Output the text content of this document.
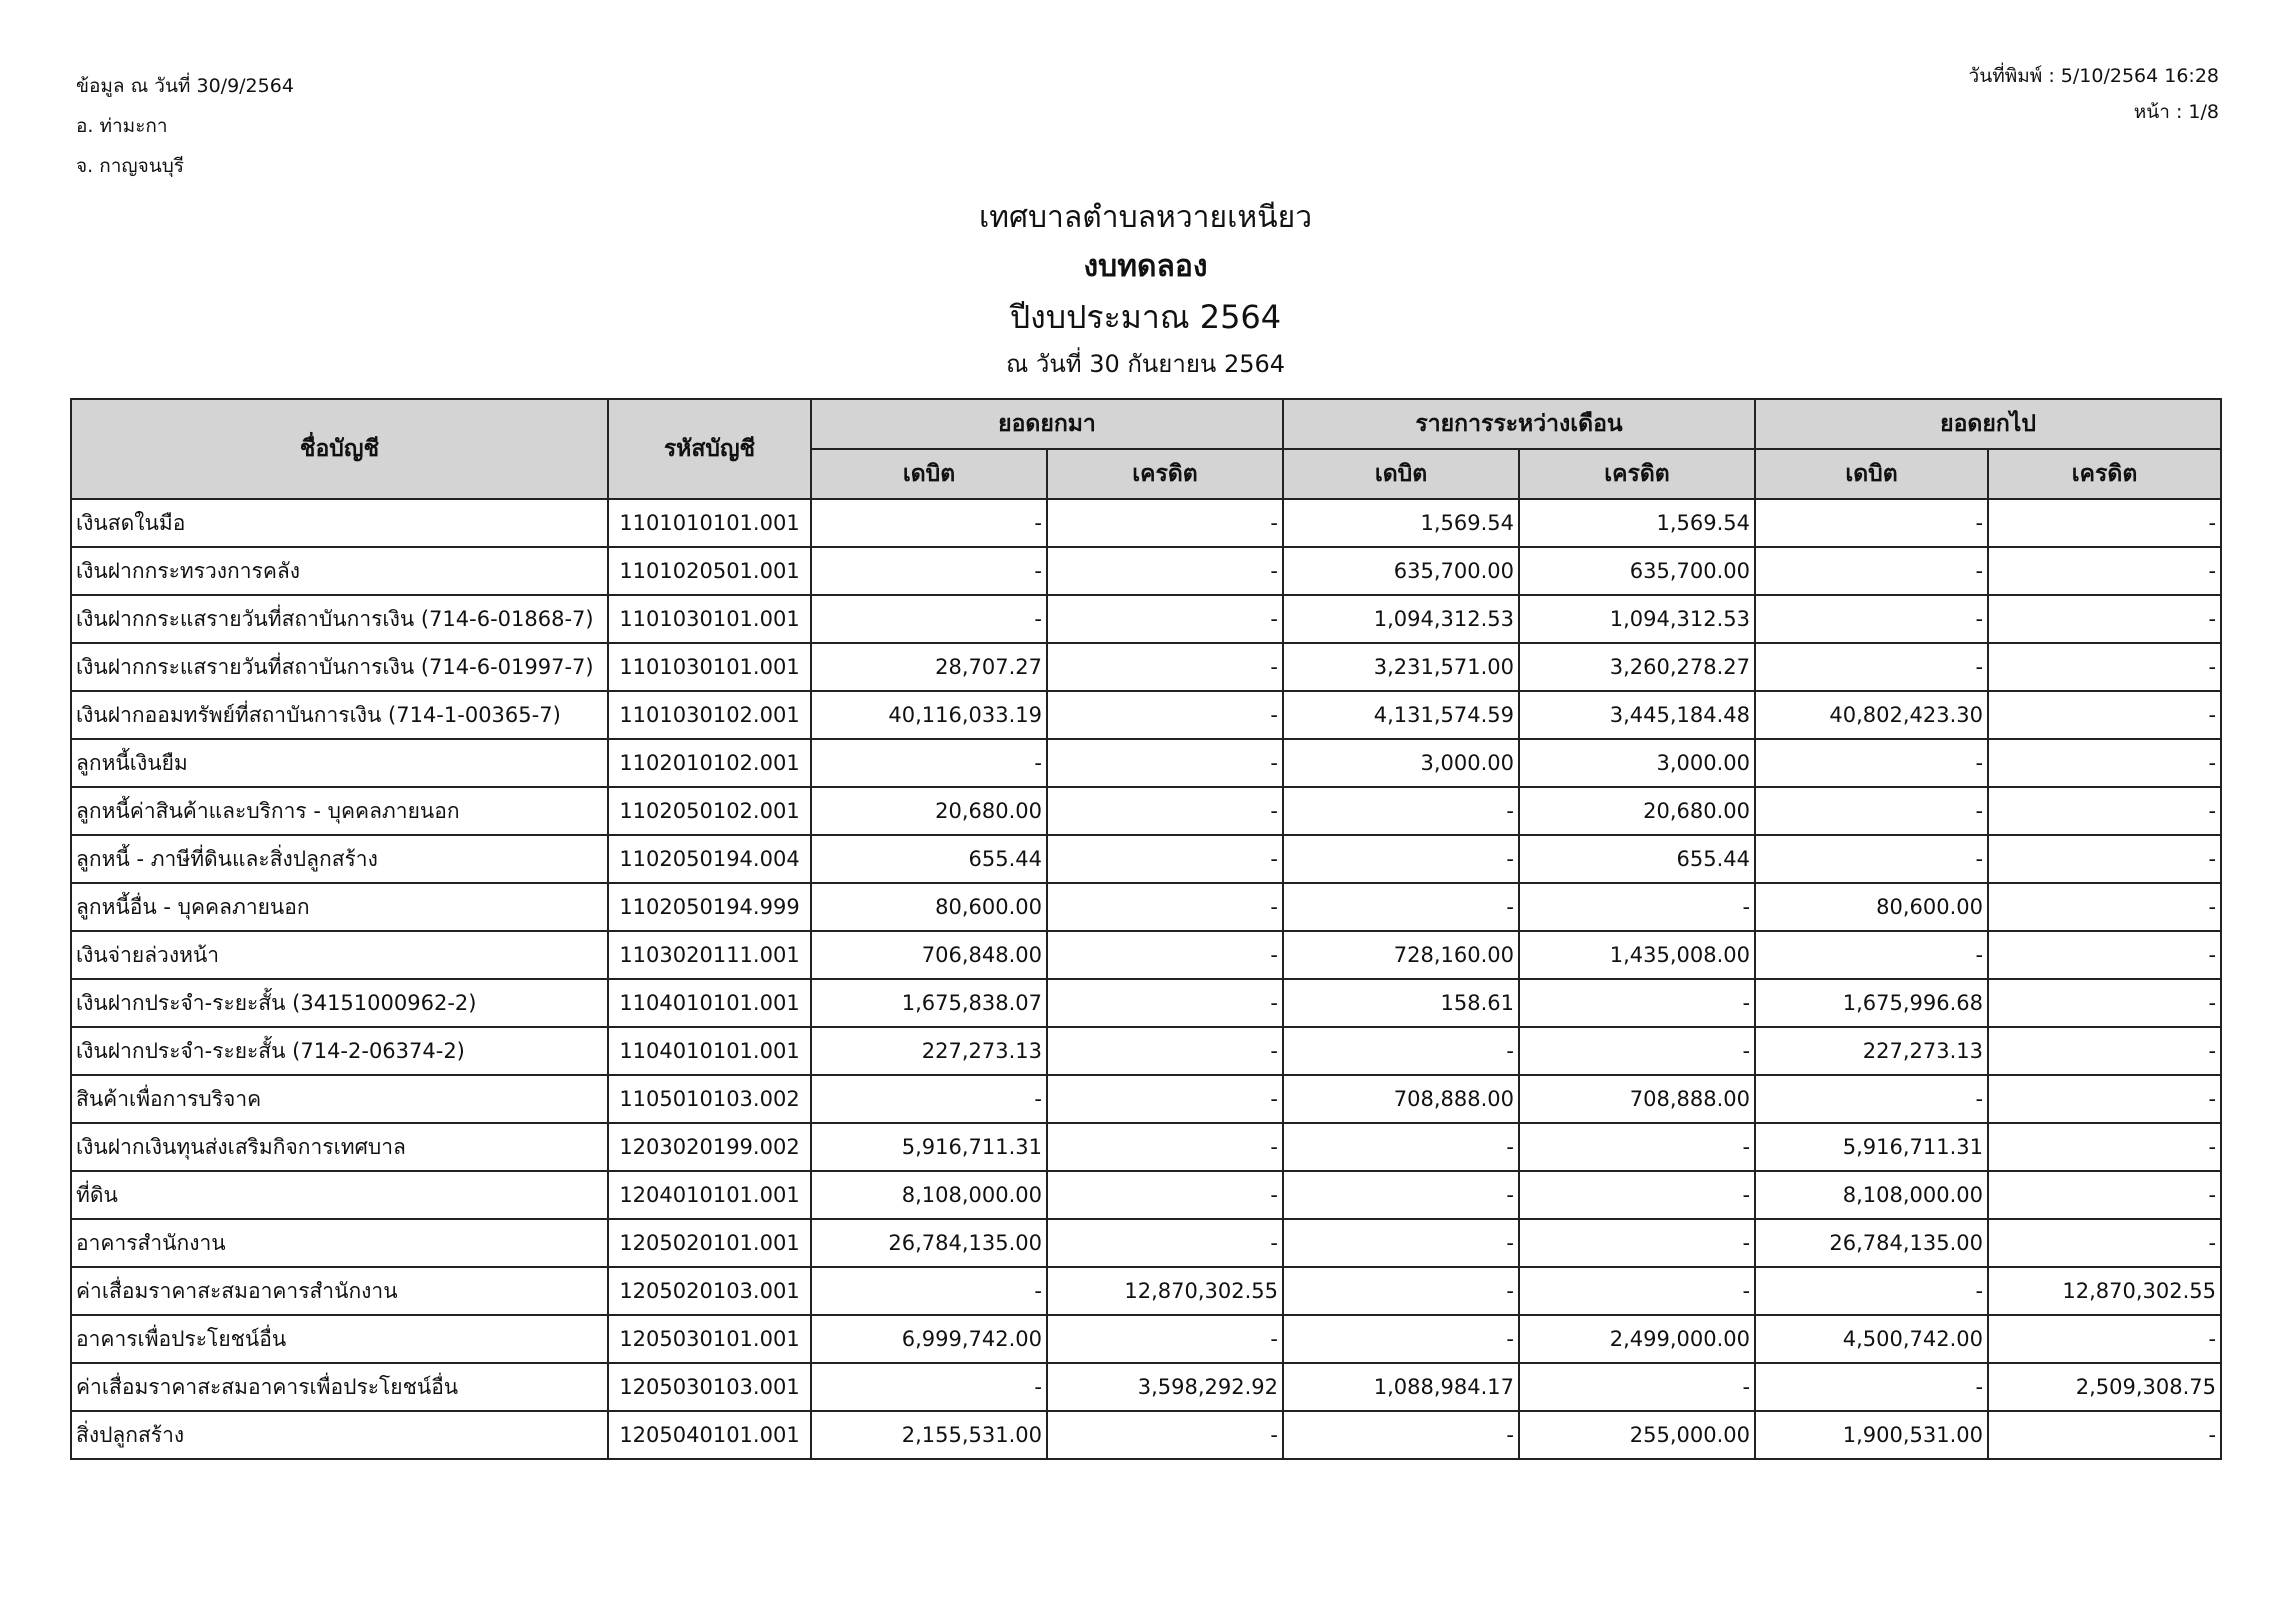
ข้อมูล ณ วันที่ 30/9/2564
อ. ท่ามะกา
จ. กาญจนบุรี
วันที่พิมพ์ : 5/10/2564 16:28
หน้า : 1/8
เทศบาลตำบลหวายเหนียว
งบทดลอง
ปีงบประมาณ 2564
ณ วันที่ 30 กันยายน 2564
ชื่อบัญชี	รหัสบัญชี	ยอดยกมา		รายการระหว่างเดือน		ยอดยกไป	
		เดบิต	เครดิต	เดบิต	เครดิต	เดบิต	เครดิต
เงินสดในมือ	1101010101.001	-	-	1,569.54	1,569.54	-	-
เงินฝากกระทรวงการคลัง	1101020501.001	-	-	635,700.00	635,700.00	-	-
เงินฝากกระแสรายวันที่สถาบันการเงิน (714-6-01868-7)	1101030101.001	-	-	1,094,312.53	1,094,312.53	-	-
เงินฝากกระแสรายวันที่สถาบันการเงิน (714-6-01997-7)	1101030101.001	28,707.27	-	3,231,571.00	3,260,278.27	-	-
เงินฝากออมทรัพย์ที่สถาบันการเงิน (714-1-00365-7)	1101030102.001	40,116,033.19	-	4,131,574.59	3,445,184.48	40,802,423.30	-
ลูกหนี้เงินยืม	1102010102.001	-	-	3,000.00	3,000.00	-	-
ลูกหนี้ค่าสินค้าและบริการ - บุคคลภายนอก	1102050102.001	20,680.00	-	-	20,680.00	-	-
ลูกหนี้ - ภาษีที่ดินและสิ่งปลูกสร้าง	1102050194.004	655.44	-	-	655.44	-	-
ลูกหนี้อื่น - บุคคลภายนอก	1102050194.999	80,600.00	-	-	-	80,600.00	-
เงินจ่ายล่วงหน้า	1103020111.001	706,848.00	-	728,160.00	1,435,008.00	-	-
เงินฝากประจำ-ระยะสั้น (34151000962-2)	1104010101.001	1,675,838.07	-	158.61	-	1,675,996.68	-
เงินฝากประจำ-ระยะสั้น (714-2-06374-2)	1104010101.001	227,273.13	-	-	-	227,273.13	-
สินค้าเพื่อการบริจาค	1105010103.002	-	-	708,888.00	708,888.00	-	-
เงินฝากเงินทุนส่งเสริมกิจการเทศบาล	1203020199.002	5,916,711.31	-	-	-	5,916,711.31	-
ที่ดิน	1204010101.001	8,108,000.00	-	-	-	8,108,000.00	-
อาคารสำนักงาน	1205020101.001	26,784,135.00	-	-	-	26,784,135.00	-
ค่าเสื่อมราคาสะสมอาคารสำนักงาน	1205020103.001	-	12,870,302.55	-	-	-	12,870,302.55
อาคารเพื่อประโยชน์อื่น	1205030101.001	6,999,742.00	-	-	2,499,000.00	4,500,742.00	-
ค่าเสื่อมราคาสะสมอาคารเพื่อประโยชน์อื่น	1205030103.001	-	3,598,292.92	1,088,984.17	-	-	2,509,308.75
สิ่งปลูกสร้าง	1205040101.001	2,155,531.00	-	-	255,000.00	1,900,531.00	-
